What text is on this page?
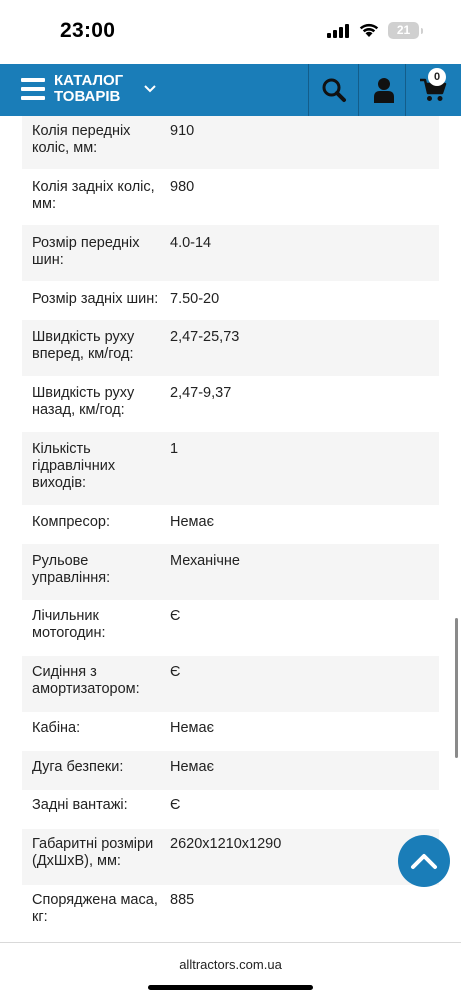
23:00	21
КАТАЛОГ ТОВАРІВ
0
Колія передніх коліс, мм:
910
Колія задніх коліс, мм:
980
Розмір передніх шин:
4.0-14
Розмір задніх шин: 7.50-20
Швидкість руху вперед, км/год:
2,47-25,73
Швидкість руху назад, км/год:
2,47-9,37
Кількість гідравлічних виходів:
1
Компресор:	Немає
Рульове управління:
Механічне
Лічильник мотогодин:
Є
Сидіння з амортизатором:
Є
Кабіна:	Немає
Дуга безпеки:	Немає
Задні вантажі:	Є
Габаритні розміри (ДхШхВ), мм:
2620x1210x1290
Споряджена маса, кг:
885
alltractors.com.ua
